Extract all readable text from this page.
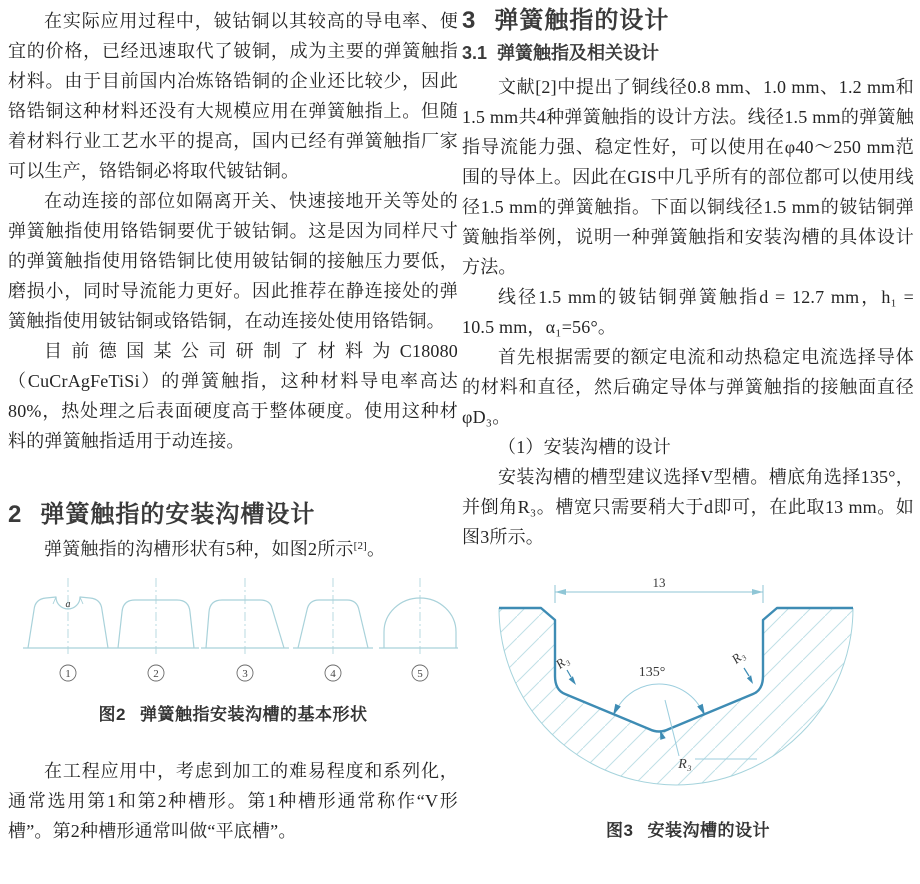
在实际应用过程中，铍钴铜以其较高的导电率、便宜的价格，已经迅速取代了铍铜，成为主要的弹簧触指材料。由于目前国内冶炼铬锆铜的企业还比较少，因此铬锆铜这种材料还没有大规模应用在弹簧触指上。但随着材料行业工艺水平的提高，国内已经有弹簧触指厂家可以生产，铬锆铜必将取代铍钴铜。

在动连接的部位如隔离开关、快速接地开关等处的弹簧触指使用铬锆铜要优于铍钴铜。这是因为同样尺寸的弹簧触指使用铬锆铜比使用铍钴铜的接触压力要低，磨损小，同时导流能力更好。因此推荐在静连接处的弹簧触指使用铍钴铜或铬锆铜，在动连接处使用铬锆铜。

目前德国某公司研制了材料为C18080（CuCrAgFeTiSi）的弹簧触指，这种材料导电率高达80%，热处理之后表面硬度高于整体硬度。使用这种材料的弹簧触指适用于动连接。

2 弹簧触指的安装沟槽设计

弹簧触指的沟槽形状有5种，如图2所示[2]。

a
1	2	3	4	5

图2 弹簧触指安装沟槽的基本形状

在工程应用中，考虑到加工的难易程度和系列化，通常选用第1和第2种槽形。第1种槽形通常称作“V形槽”。第2种槽形通常叫做“平底槽”。

3 弹簧触指的设计
3.1 弹簧触指及相关设计

文献[2]中提出了铜线径0.8 mm、1.0 mm、1.2 mm和1.5 mm共4种弹簧触指的设计方法。线径1.5 mm的弹簧触指导流能力强、稳定性好，可以使用在φ40～250 mm范围的导体上。因此在GIS中几乎所有的部位都可以使用线径1.5 mm的弹簧触指。下面以铜线径1.5 mm的铍钴铜弹簧触指举例，说明一种弹簧触指和安装沟槽的具体设计方法。

线径1.5 mm的铍钴铜弹簧触指d = 12.7 mm，h₁ = 10.5 mm，α₁=56°。

首先根据需要的额定电流和动热稳定电流选择导体的材料和直径，然后确定导体与弹簧触指的接触面直径φD₃。

（1）安装沟槽的设计

安装沟槽的槽型建议选择V型槽。槽底角选择135°，并倒角R₃。槽宽只需要稍大于d即可，在此取13 mm。如图3所示。

13
135°
R₃
R₃	R₃

图3 安装沟槽的设计
